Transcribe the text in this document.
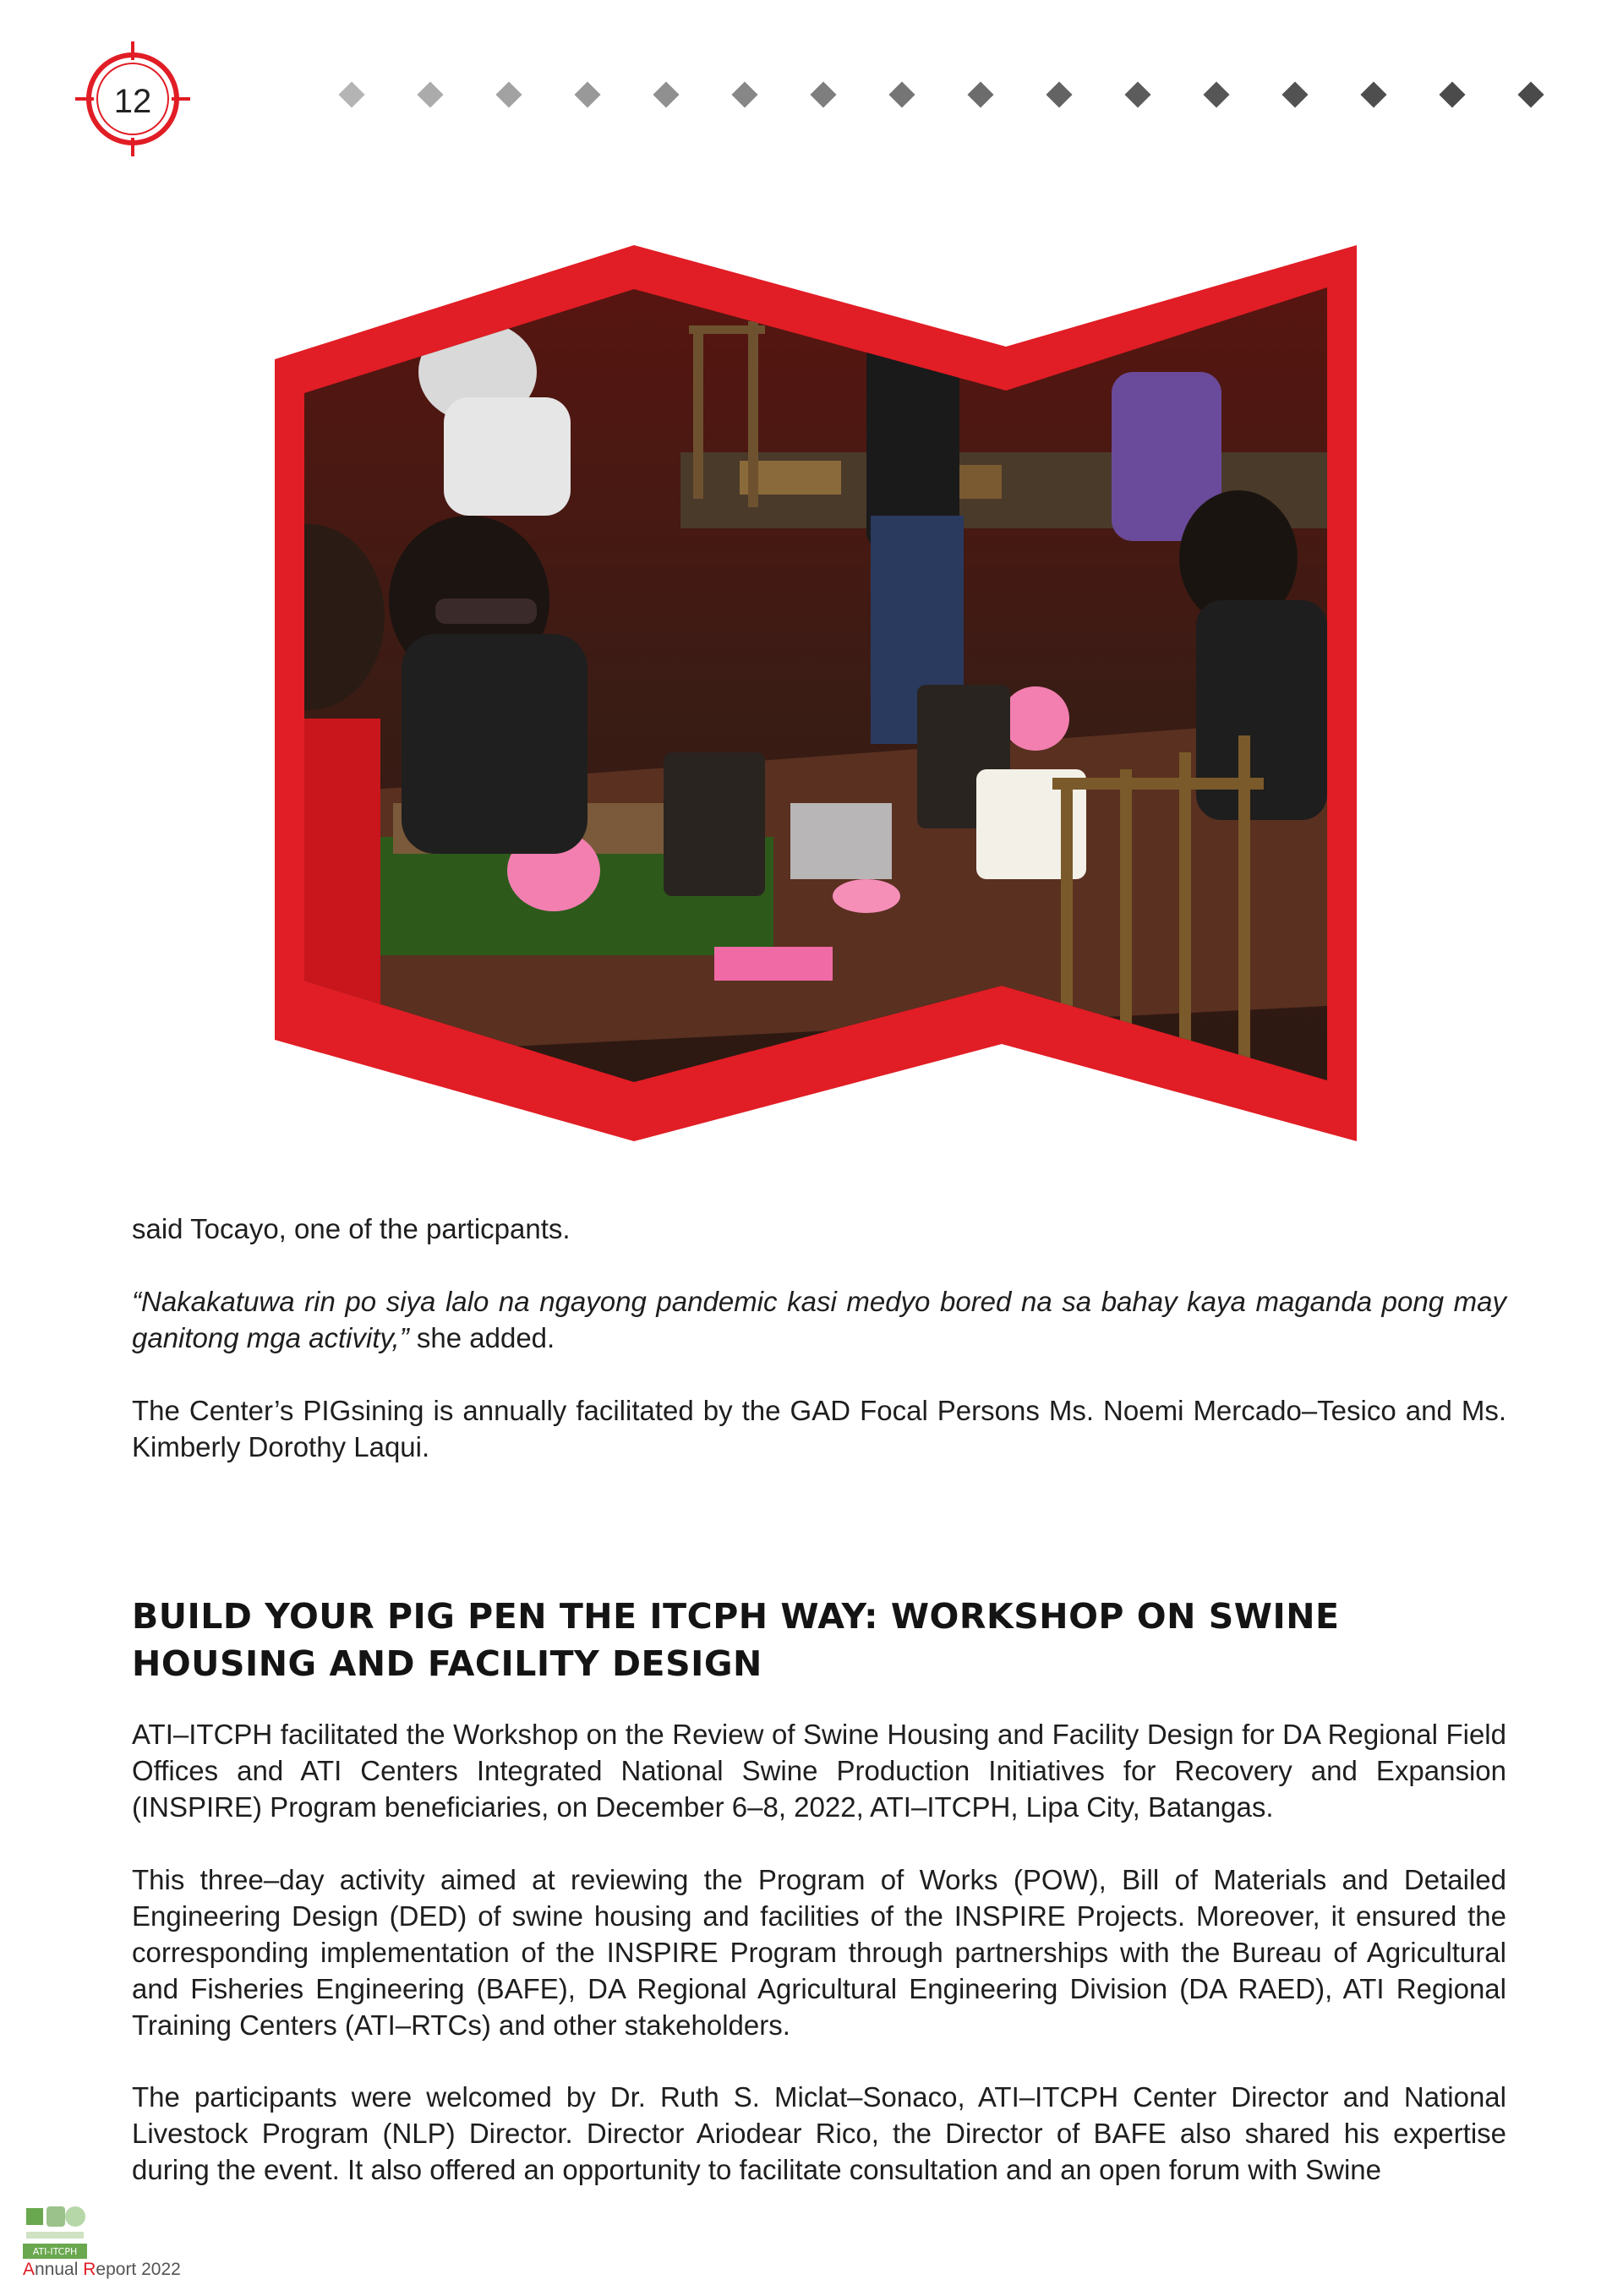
12

said Tocayo, one of the particpants.

“Nakakatuwa rin po siya lalo na ngayong pandemic kasi medyo bored na sa bahay kaya maganda pong may ganitong mga activity,” she added.

The Center’s PIGsining is annually facilitated by the GAD Focal Persons Ms. Noemi Mercado–Tesico and Ms. Kimberly Dorothy Laqui.

BUILD YOUR PIG PEN THE ITCPH WAY: WORKSHOP ON SWINE HOUSING AND FACILITY DESIGN

ATI–ITCPH facilitated the Workshop on the Review of Swine Housing and Facility Design for DA Regional Field Offices and ATI Centers Integrated National Swine Production Initiatives for Recovery and Expansion (INSPIRE) Program beneficiaries, on December 6–8, 2022, ATI–ITCPH, Lipa City, Batangas.

This three–day activity aimed at reviewing the Program of Works (POW), Bill of Materials and Detailed Engineering Design (DED) of swine housing and facilities of the INSPIRE Projects. Moreover, it ensured the corresponding implementation of the INSPIRE Program through partnerships with the Bureau of Agricultural and Fisheries Engineering (BAFE), DA Regional Agricultural Engineering Division (DA RAED), ATI Regional Training Centers (ATI–RTCs) and other stakeholders.

The participants were welcomed by Dr. Ruth S. Miclat–Sonaco, ATI–ITCPH Center Director and National Livestock Program (NLP) Director. Director Ariodear Rico, the Director of BAFE also shared his expertise during the event. It also offered an opportunity to facilitate consultation and an open forum with Swine

ATI-ITCPH
Annual Report 2022
